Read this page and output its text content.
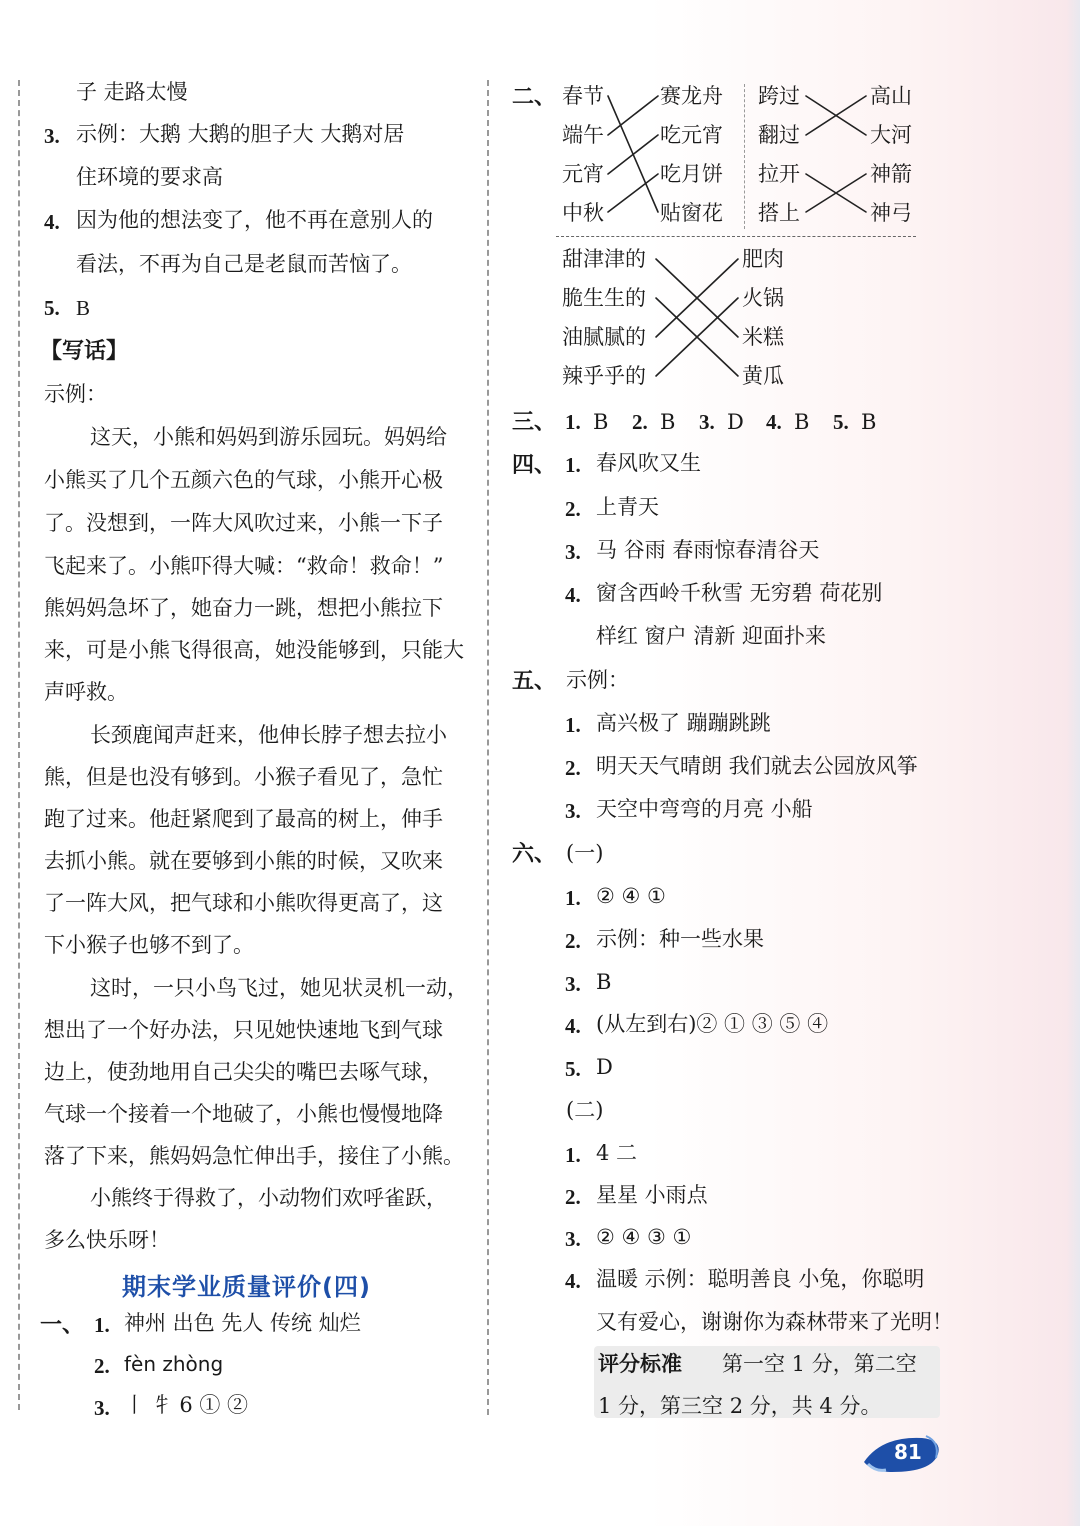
子 走路太慢
3. 示例：大鹅 大鹅的胆子大 大鹅对居
住环境的要求高
4. 因为他的想法变了，他不再在意别人的
看法，不再为自己是老鼠而苦恼了。
5. B
【写话】
示例：
这天，小熊和妈妈到游乐园玩。妈妈给
小熊买了几个五颜六色的气球，小熊开心极
了。没想到，一阵大风吹过来，小熊一下子
飞起来了。小熊吓得大喊：“救命！救命！”
熊妈妈急坏了，她奋力一跳，想把小熊拉下
来，可是小熊飞得很高，她没能够到，只能大
声呼救。
长颈鹿闻声赶来，他伸长脖子想去拉小
熊，但是也没有够到。小猴子看见了，急忙
跑了过来。他赶紧爬到了最高的树上，伸手
去抓小熊。就在要够到小熊的时候，又吹来
了一阵大风，把气球和小熊吹得更高了，这
下小猴子也够不到了。
这时，一只小鸟飞过，她见状灵机一动，
想出了一个好办法，只见她快速地飞到气球
边上，使劲地用自己尖尖的嘴巴去啄气球，
气球一个接着一个地破了，小熊也慢慢地降
落了下来，熊妈妈急忙伸出手，接住了小熊。
小熊终于得救了，小动物们欢呼雀跃，
多么快乐呀！
期末学业质量评价(四)
一、 1. 神州 出色 先人 传统 灿烂
2. fèn zhòng
3. 丨 牜 6 ① ②
二、 春节
端午
元宵
中秋
赛龙舟
吃元宵
吃月饼
贴窗花
跨过
翻过
拉开
搭上
高山
大河
神箭
神弓
甜津津的
脆生生的
油腻腻的
辣乎乎的
肥肉
火锅
米糕
黄瓜
三、 1. B 2. B 3. D 4. B 5. B
四、 1. 春风吹又生
2. 上青天
3. 马 谷雨 春雨惊春清谷天
4. 窗含西岭千秋雪 无穷碧 荷花别
样红 窗户 清新 迎面扑来
五、 示例：
1. 高兴极了 蹦蹦跳跳
2. 明天天气晴朗 我们就去公园放风筝
3. 天空中弯弯的月亮 小船
六、 (一)
1. ② ④ ①
2. 示例：种一些水果
3. B
4. (从左到右)② ① ③ ⑤ ④
5. D
(二)
1. 4 二
2. 星星 小雨点
3. ② ④ ③ ①
4. 温暖 示例：聪明善良 小兔，你聪明
又有爱心，谢谢你为森林带来了光明！
评分标准 第一空 1 分，第二空
1 分，第三空 2 分，共 4 分。
81
